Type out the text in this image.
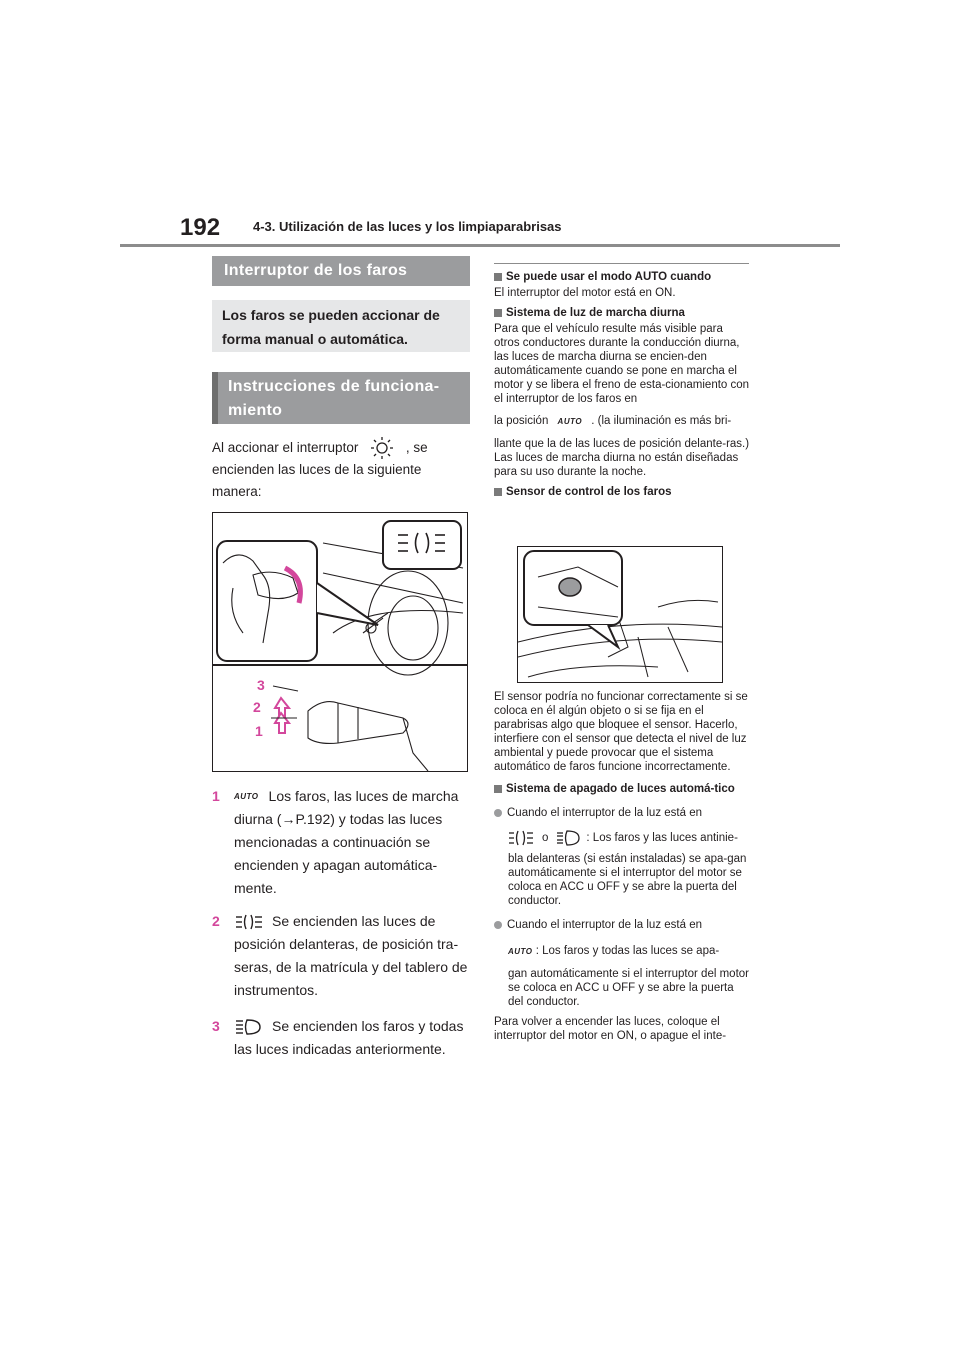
192	4-3. Utilización de las luces y los limpiaparabrisas
Interruptor de los faros
Los faros se pueden accionar de forma manual o automática.
Instrucciones de funciona-miento
Al accionar el interruptor	, se
encienden las luces de la siguiente manera:
3
2
1
1	AUTO Los faros, las luces de marcha
diurna (→P.192) y todas las luces mencionadas a continuación se encienden y apagan automática-mente.
2	Se encienden las luces de
posición delanteras, de posición tra-seras, de la matrícula y del tablero de instrumentos.
3	Se encienden los faros y todas
las luces indicadas anteriormente.
Se puede usar el modo AUTO cuando

El interruptor del motor está en ON.

Sistema de luz de marcha diurna

Para que el vehículo resulte más visible para otros conductores durante la conducción diurna, las luces de marcha diurna se encien-den automáticamente cuando se pone en marcha el motor y se libera el freno de esta-cionamiento con el interruptor de los faros en

la posición AUTO . (la iluminación es más bri-

llante que la de las luces de posición delante-ras.) Las luces de marcha diurna no están diseñadas para su uso durante la noche.

Sensor de control de los faros

El sensor podría no funcionar correctamente si se coloca en él algún objeto o si se fija en el parabrisas algo que bloquee el sensor. Hacerlo, interfiere con el sensor que detecta el nivel de luz ambiental y puede provocar que el sistema automático de faros funcione incorrectamente.

Sistema de apagado de luces automá-tico
Cuando el interruptor de la luz está en
o	: Los faros y las luces antinie-

bla delanteras (si están instaladas) se apa-gan automáticamente si el interruptor del motor se coloca en ACC u OFF y se abre la puerta del conductor.

Cuando el interruptor de la luz está en
AUTO : Los faros y todas las luces se apa-

gan automáticamente si el interruptor del motor se coloca en ACC u OFF y se abre la puerta del conductor.

Para volver a encender las luces, coloque el interruptor del motor en ON, o apague el inte-
